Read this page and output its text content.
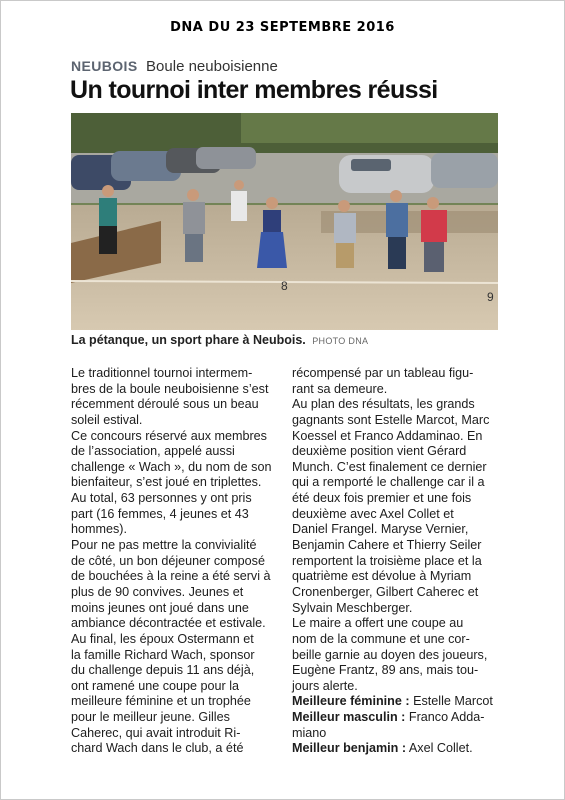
DNA DU 23 SEPTEMBRE 2016
NEUBOIS Boule neuboisienne
Un tournoi inter membres réussi
8
9
La pétanque, un sport phare à Neubois. PHOTO DNA
Le traditionnel tournoi intermem-
bres de la boule neuboisienne s’est
récemment déroulé sous un beau
soleil estival.
Ce concours réservé aux membres
de l’association, appelé aussi
challenge « Wach », du nom de son
bienfaiteur, s’est joué en triplettes.
Au total, 63 personnes y ont pris
part (16 femmes, 4 jeunes et 43
hommes).
Pour ne pas mettre la convivialité
de côté, un bon déjeuner composé
de bouchées à la reine a été servi à
plus de 90 convives. Jeunes et
moins jeunes ont joué dans une
ambiance décontractée et estivale.
Au final, les époux Ostermann et
la famille Richard Wach, sponsor
du challenge depuis 11 ans déjà,
ont ramené une coupe pour la
meilleure féminine et un trophée
pour le meilleur jeune. Gilles
Caherec, qui avait introduit Ri-
chard Wach dans le club, a été
récompensé par un tableau figu-
rant sa demeure.
Au plan des résultats, les grands
gagnants sont Estelle Marcot, Marc
Koessel et Franco Addaminao. En
deuxième position vient Gérard
Munch. C’est finalement ce dernier
qui a remporté le challenge car il a
été deux fois premier et une fois
deuxième avec Axel Collet et
Daniel Frangel. Maryse Vernier,
Benjamin Cahere et Thierry Seiler
remportent la troisième place et la
quatrième est dévolue à Myriam
Cronenberger, Gilbert Caherec et
Sylvain Meschberger.
Le maire a offert une coupe au
nom de la commune et une cor-
beille garnie au doyen des joueurs,
Eugène Frantz, 89 ans, mais tou-
jours alerte.
Meilleure féminine : Estelle Marcot
Meilleur masculin : Franco Adda-
miano
Meilleur benjamin : Axel Collet.
